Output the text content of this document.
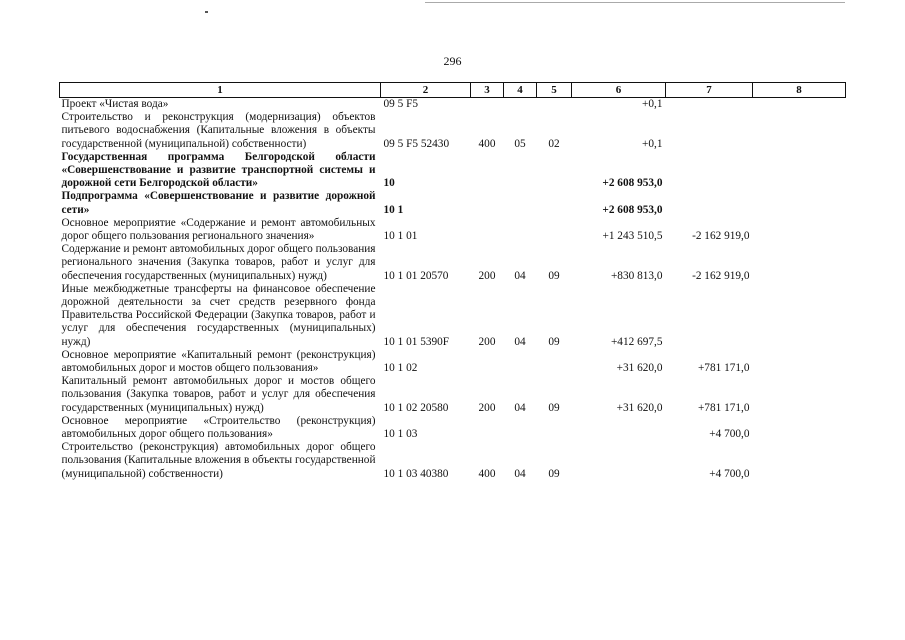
296
1	2	3	4	5	6	7	8
Проект «Чистая вода»	09 5 F5				+0,1		
Строительство и реконструкция (модернизация) объектов питьевого водоснабжения (Капитальные вложения в объекты государственной (муниципальной) собственности)	09 5 F5 52430	400	05	02	+0,1		
Государственная программа Белгородской области «Совершенствование и развитие транспортной системы и дорожной сети Белгородской области»	10				+2 608 953,0		
Подпрограмма «Совершенствование и развитие дорожной сети»	10 1				+2 608 953,0		
Основное мероприятие «Содержание и ремонт автомобильных дорог общего пользования регионального значения»	10 1 01				+1 243 510,5	-2 162 919,0	
Содержание и ремонт автомобильных дорог общего пользования регионального значения (Закупка товаров, работ и услуг для обеспечения государственных (муниципальных) нужд)	10 1 01 20570	200	04	09	+830 813,0	-2 162 919,0	
Иные межбюджетные трансферты на финансовое обеспечение дорожной деятельности за счет средств резервного фонда Правительства Российской Федерации (Закупка товаров, работ и услуг для обеспечения государственных (муниципальных) нужд)	10 1 01 5390F	200	04	09	+412 697,5		
Основное мероприятие «Капитальный ремонт (реконструкция) автомобильных дорог и мостов общего пользования»	10 1 02				+31 620,0	+781 171,0	
Капитальный ремонт автомобильных дорог и мостов общего пользования (Закупка товаров, работ и услуг для обеспечения государственных (муниципальных) нужд)	10 1 02 20580	200	04	09	+31 620,0	+781 171,0	
Основное мероприятие «Строительство (реконструкция) автомобильных дорог общего пользования»	10 1 03					+4 700,0	
Строительство (реконструкция) автомобильных дорог общего пользования (Капитальные вложения в объекты государственной (муниципальной) собственности)	10 1 03 40380	400	04	09		+4 700,0	
